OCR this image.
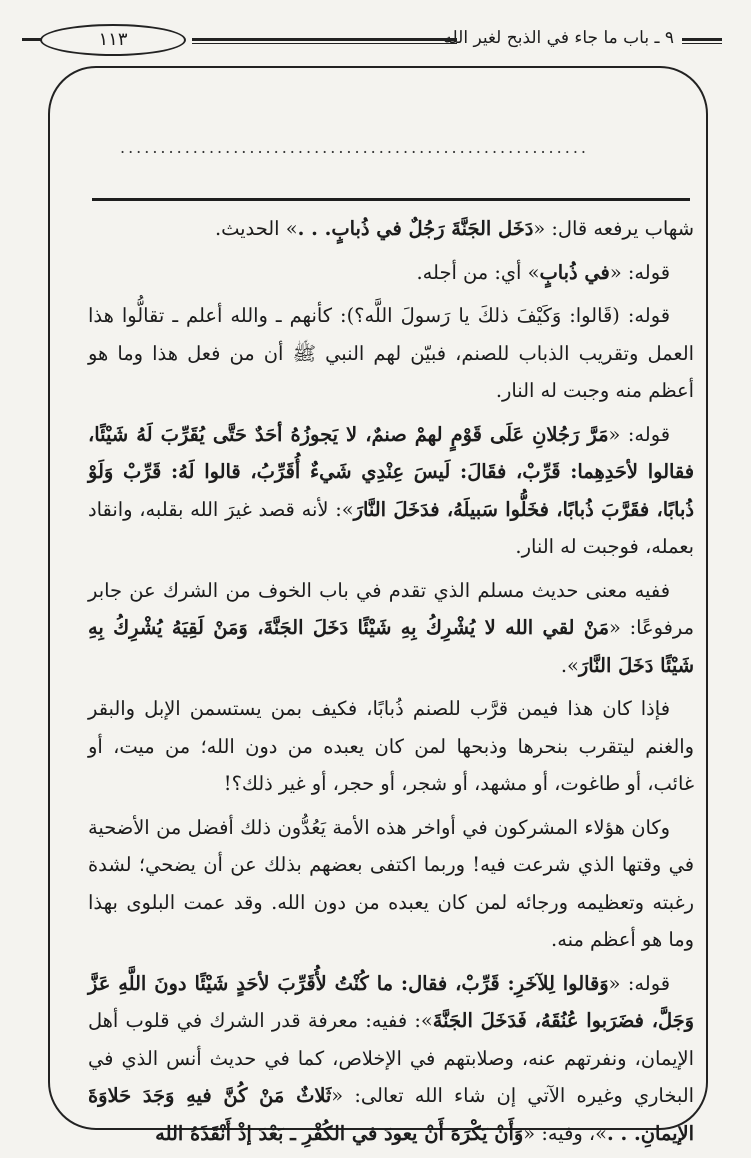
٩ ـ باب ما جاء في الذبح لغير الله
١١٣
..........................................................

شهاب يرفعه قال: «دَخَل الجَنَّةَ رَجُلٌ في ذُبابٍ. . .» الحديث.

قوله: «في ذُبابٍ» أي: من أجله.

قوله: (قَالوا: وَكَيْفَ ذلكَ يا رَسولَ اللَّه؟): كأنهم ـ والله أعلم ـ تقالُّوا هذا العمل وتقريب الذباب للصنم، فبيّن لهم النبي ﷺ أن من فعل هذا وما هو أعظم منه وجبت له النار.

قوله: «مَرَّ رَجُلانِ عَلَى قَوْمٍ لهمْ صنمٌ، لا يَجوزُهُ أحَدٌ حَتَّى يُقَرِّبَ لَهُ شَيْئًا، فقالوا لأحَدِهِما: قَرِّبْ، فقَالَ: لَيسَ عِنْدِي شَيءٌ أُقَرِّبُ، قالوا لَهُ: قَرِّبْ وَلَوْ ذُبابًا، فقَرَّبَ ذُبابًا، فخَلُّوا سَبيلَهُ، فدَخَلَ النَّارَ»: لأنه قصد غيرَ الله بقلبه، وانقاد بعمله، فوجبت له النار.

ففيه معنى حديث مسلم الذي تقدم في باب الخوف من الشرك عن جابر مرفوعًا: «مَنْ لقي الله لا يُشْرِكُ بِهِ شَيْئًا دَخَلَ الجَنَّةَ، وَمَنْ لَقِيَهُ يُشْرِكُ بِهِ شَيْئًا دَخَلَ النَّارَ».

فإذا كان هذا فيمن قرَّب للصنم ذُبابًا، فكيف بمن يستسمن الإبل والبقر والغنم ليتقرب بنحرها وذبحها لمن كان يعبده من دون الله؛ من ميت، أو غائب، أو طاغوت، أو مشهد، أو شجر، أو حجر، أو غير ذلك؟!

وكان هؤلاء المشركون في أواخر هذه الأمة يَعُدُّون ذلك أفضل من الأضحية في وقتها الذي شرعت فيه! وربما اكتفى بعضهم بذلك عن أن يضحي؛ لشدة رغبته وتعظيمه ورجائه لمن كان يعبده من دون الله. وقد عمت البلوى بهذا وما هو أعظم منه.

قوله: «وَقالوا لِلآخَرِ: قَرِّبْ، فقال: ما كُنْتُ لأُقَرِّبَ لأحَدٍ شَيْئًا دونَ اللَّهِ عَزَّ وَجَلَّ، فضَرَبوا عُنُقَهُ، فَدَخَلَ الجَنَّةَ»: ففيه: معرفة قدر الشرك في قلوب أهل الإيمان، ونفرتهم عنه، وصلابتهم في الإخلاص، كما في حديث أنس الذي في البخاري وغيره الآتي إن شاء الله تعالى: «ثَلاثٌ مَنْ كُنَّ فيهِ وَجَدَ حَلاوَةَ الإيمانِ. . .»، وفيه: «وَأَنْ يَكْرَهَ أَنْ يعودَ في الكُفْرِ ـ بَعْدَ إذْ أَنْقَذَهُ الله
